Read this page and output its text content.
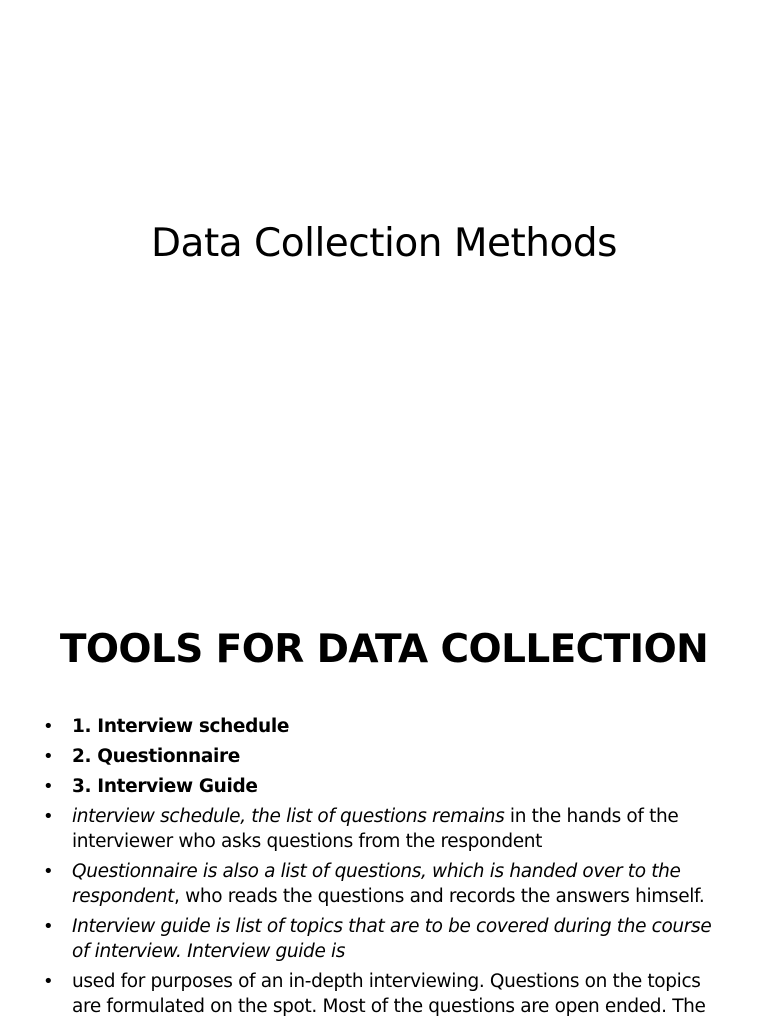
Data Collection Methods
TOOLS FOR DATA COLLECTION
• 1. Interview schedule
• 2. Questionnaire
• 3. Interview Guide
• interview schedule, the list of questions remains in the hands of the interviewer who asks questions from the respondent
• Questionnaire is also a list of questions, which is handed over to the respondent, who reads the questions and records the answers himself.
• Interview guide is list of topics that are to be covered during the course of interview. Interview guide is
• used for purposes of an in-depth interviewing. Questions on the topics are formulated on the spot. Most of the questions are open ended. The
